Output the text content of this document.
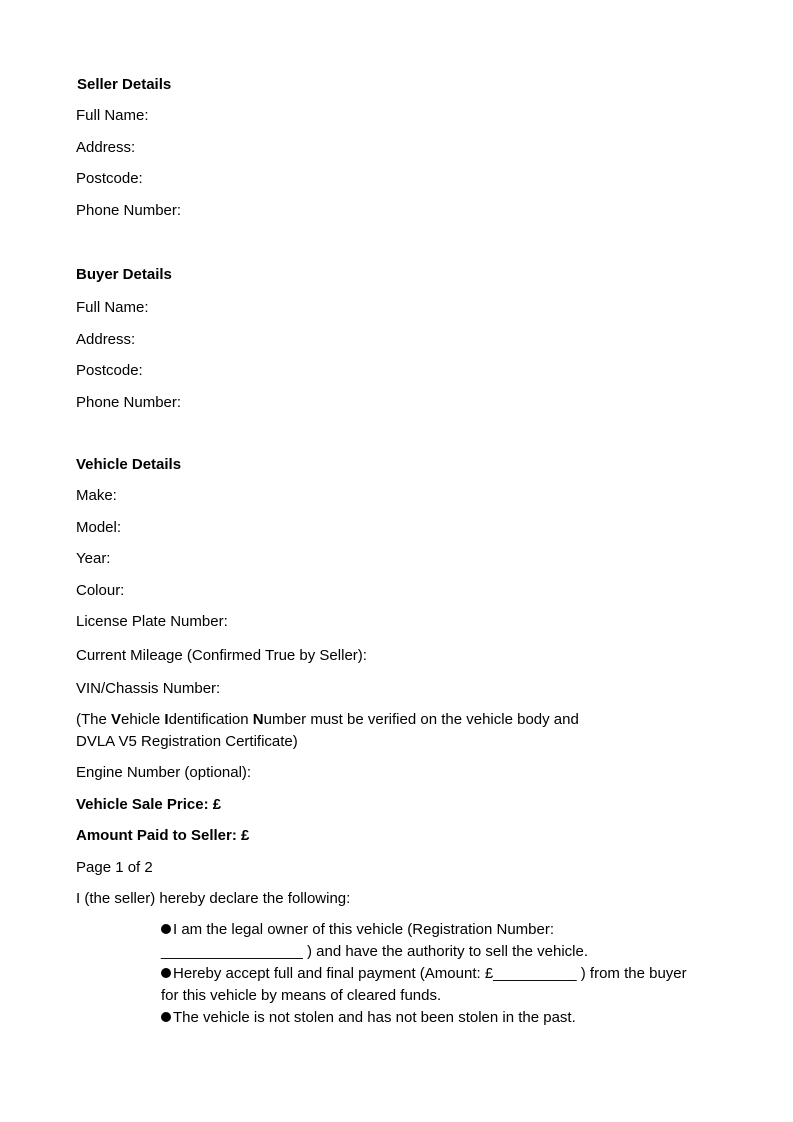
Seller Details
Full Name:
Address:
Postcode:
Phone Number:
Buyer Details
Full Name:
Address:
Postcode:
Phone Number:
Vehicle Details
Make:
Model:
Year:
Colour:
License Plate Number:
Current Mileage (Confirmed True by Seller):
VIN/Chassis Number:
(The Vehicle Identification Number must be verified on the vehicle body and
DVLA V5 Registration Certificate)
Engine Number (optional):
Vehicle Sale Price: £
Amount Paid to Seller: £
Page 1 of 2
I (the seller) hereby declare the following:
I am the legal owner of this vehicle (Registration Number:
_________________ ) and have the authority to sell the vehicle.
Hereby accept full and final payment (Amount: £__________ ) from the buyer
for this vehicle by means of cleared funds.
The vehicle is not stolen and has not been stolen in the past.
